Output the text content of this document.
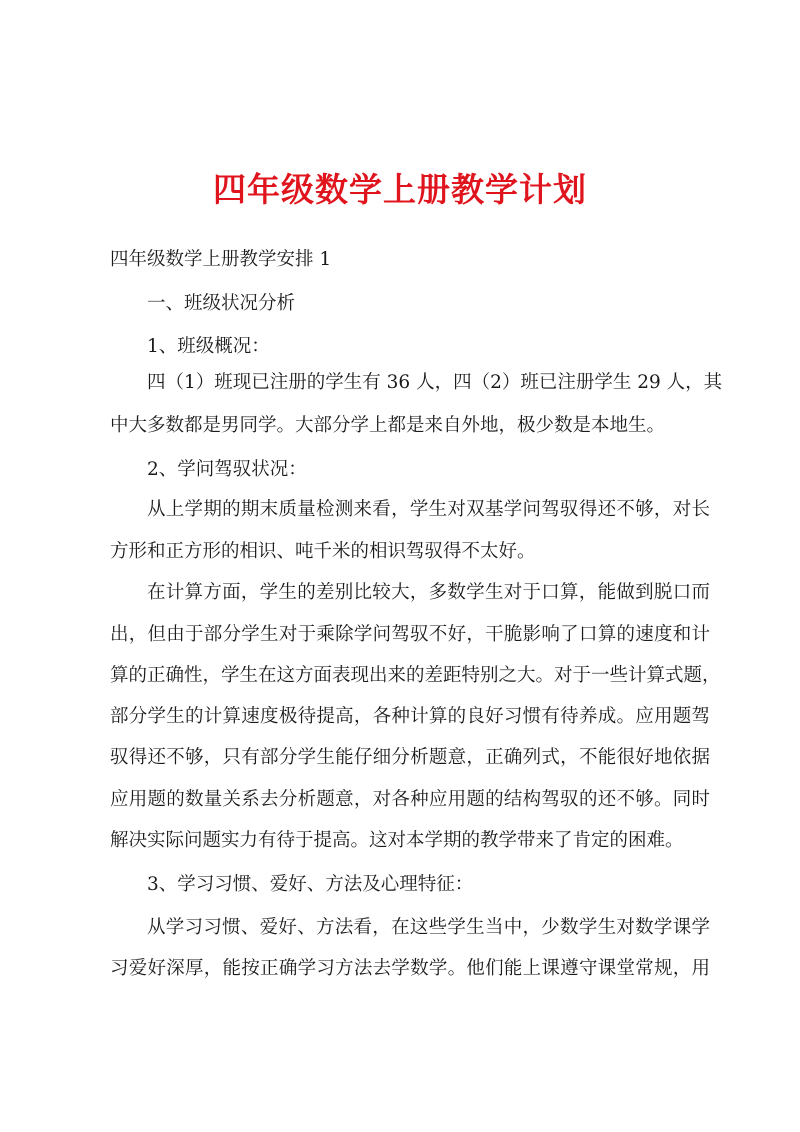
四年级数学上册教学计划
四年级数学上册教学安排 1
一、班级状况分析
1、班级概况：
四（1）班现已注册的学生有 36 人，四（2）班已注册学生 29 人，其
中大多数都是男同学。大部分学上都是来自外地，极少数是本地生。
2、学问驾驭状况：
从上学期的期末质量检测来看，学生对双基学问驾驭得还不够，对长
方形和正方形的相识、吨千米的相识驾驭得不太好。
在计算方面，学生的差别比较大，多数学生对于口算，能做到脱口而
出，但由于部分学生对于乘除学问驾驭不好，干脆影响了口算的速度和计
算的正确性，学生在这方面表现出来的差距特别之大。对于一些计算式题，
部分学生的计算速度极待提高，各种计算的良好习惯有待养成。应用题驾
驭得还不够，只有部分学生能仔细分析题意，正确列式，不能很好地依据
应用题的数量关系去分析题意，对各种应用题的结构驾驭的还不够。同时
解决实际问题实力有待于提高。这对本学期的教学带来了肯定的困难。
3、学习习惯、爱好、方法及心理特征：
从学习习惯、爱好、方法看，在这些学生当中，少数学生对数学课学
习爱好深厚，能按正确学习方法去学数学。他们能上课遵守课堂常规，用
